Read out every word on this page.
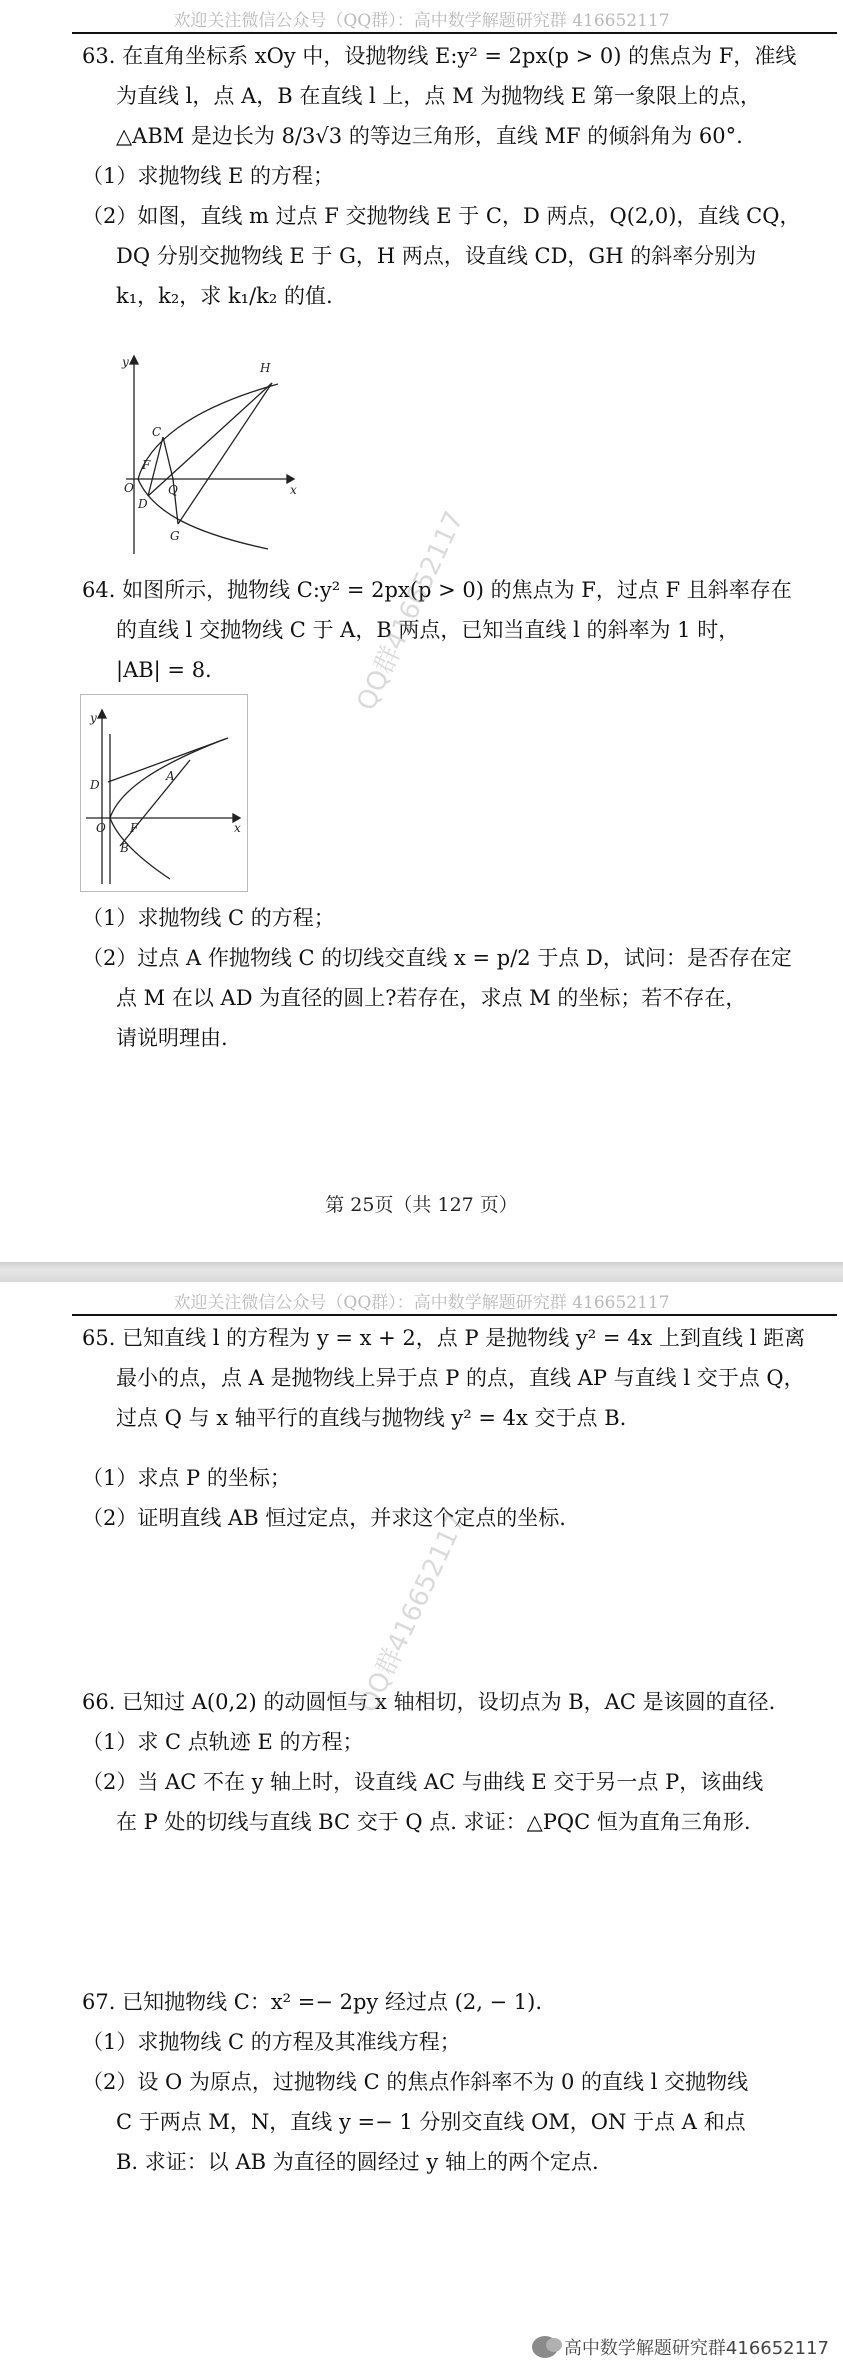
欢迎关注微信公众号（QQ群）：高中数学解题研究群 416652117

63. 在直角坐标系 xOy 中，设抛物线 E:y² = 2px(p > 0) 的焦点为 F，准线

为直线 l，点 A，B 在直线 l 上，点 M 为抛物线 E 第一象限上的点，

△ABM 是边长为 8/3√3 的等边三角形，直线 MF 的倾斜角为 60°.

（1）求抛物线 E 的方程；

（2）如图，直线 m 过点 F 交抛物线 E 于 C，D 两点，Q(2,0)，直线 CQ，

DQ 分别交抛物线 E 于 G，H 两点，设直线 CD，GH 的斜率分别为

k₁，k₂，求 k₁/k₂ 的值.

y
x
O
C
F
D
Q
G
H

64. 如图所示，抛物线 C:y² = 2px(p > 0) 的焦点为 F，过点 F 且斜率存在

的直线 l 交抛物线 C 于 A，B 两点，已知当直线 l 的斜率为 1 时，

|AB| = 8.

y
x
O F
A
B
D

（1）求抛物线 C 的方程；

（2）过点 A 作抛物线 C 的切线交直线 x = p/2 于点 D，试问：是否存在定

点 M 在以 AD 为直径的圆上?若存在，求点 M 的坐标；若不存在，

请说明理由.

QQ群416652117
第 25页（共 127 页）
欢迎关注微信公众号（QQ群）：高中数学解题研究群 416652117

65. 已知直线 l 的方程为 y = x + 2，点 P 是抛物线 y² = 4x 上到直线 l 距离

最小的点，点 A 是抛物线上异于点 P 的点，直线 AP 与直线 l 交于点 Q，

过点 Q 与 x 轴平行的直线与抛物线 y² = 4x 交于点 B.

（1）求点 P 的坐标；

（2）证明直线 AB 恒过定点，并求这个定点的坐标.

66. 已知过 A(0,2) 的动圆恒与 x 轴相切，设切点为 B，AC 是该圆的直径.

（1）求 C 点轨迹 E 的方程；

（2）当 AC 不在 y 轴上时，设直线 AC 与曲线 E 交于另一点 P，该曲线

在 P 处的切线与直线 BC 交于 Q 点. 求证：△PQC 恒为直角三角形.

QQ群416652117

67. 已知抛物线 C：x² =− 2py 经过点 (2, − 1).

（1）求抛物线 C 的方程及其准线方程；

（2）设 O 为原点，过抛物线 C 的焦点作斜率不为 0 的直线 l 交抛物线

C 于两点 M，N，直线 y =− 1 分别交直线 OM，ON 于点 A 和点

B. 求证：以 AB 为直径的圆经过 y 轴上的两个定点.

高中数学解题研究群416652117
